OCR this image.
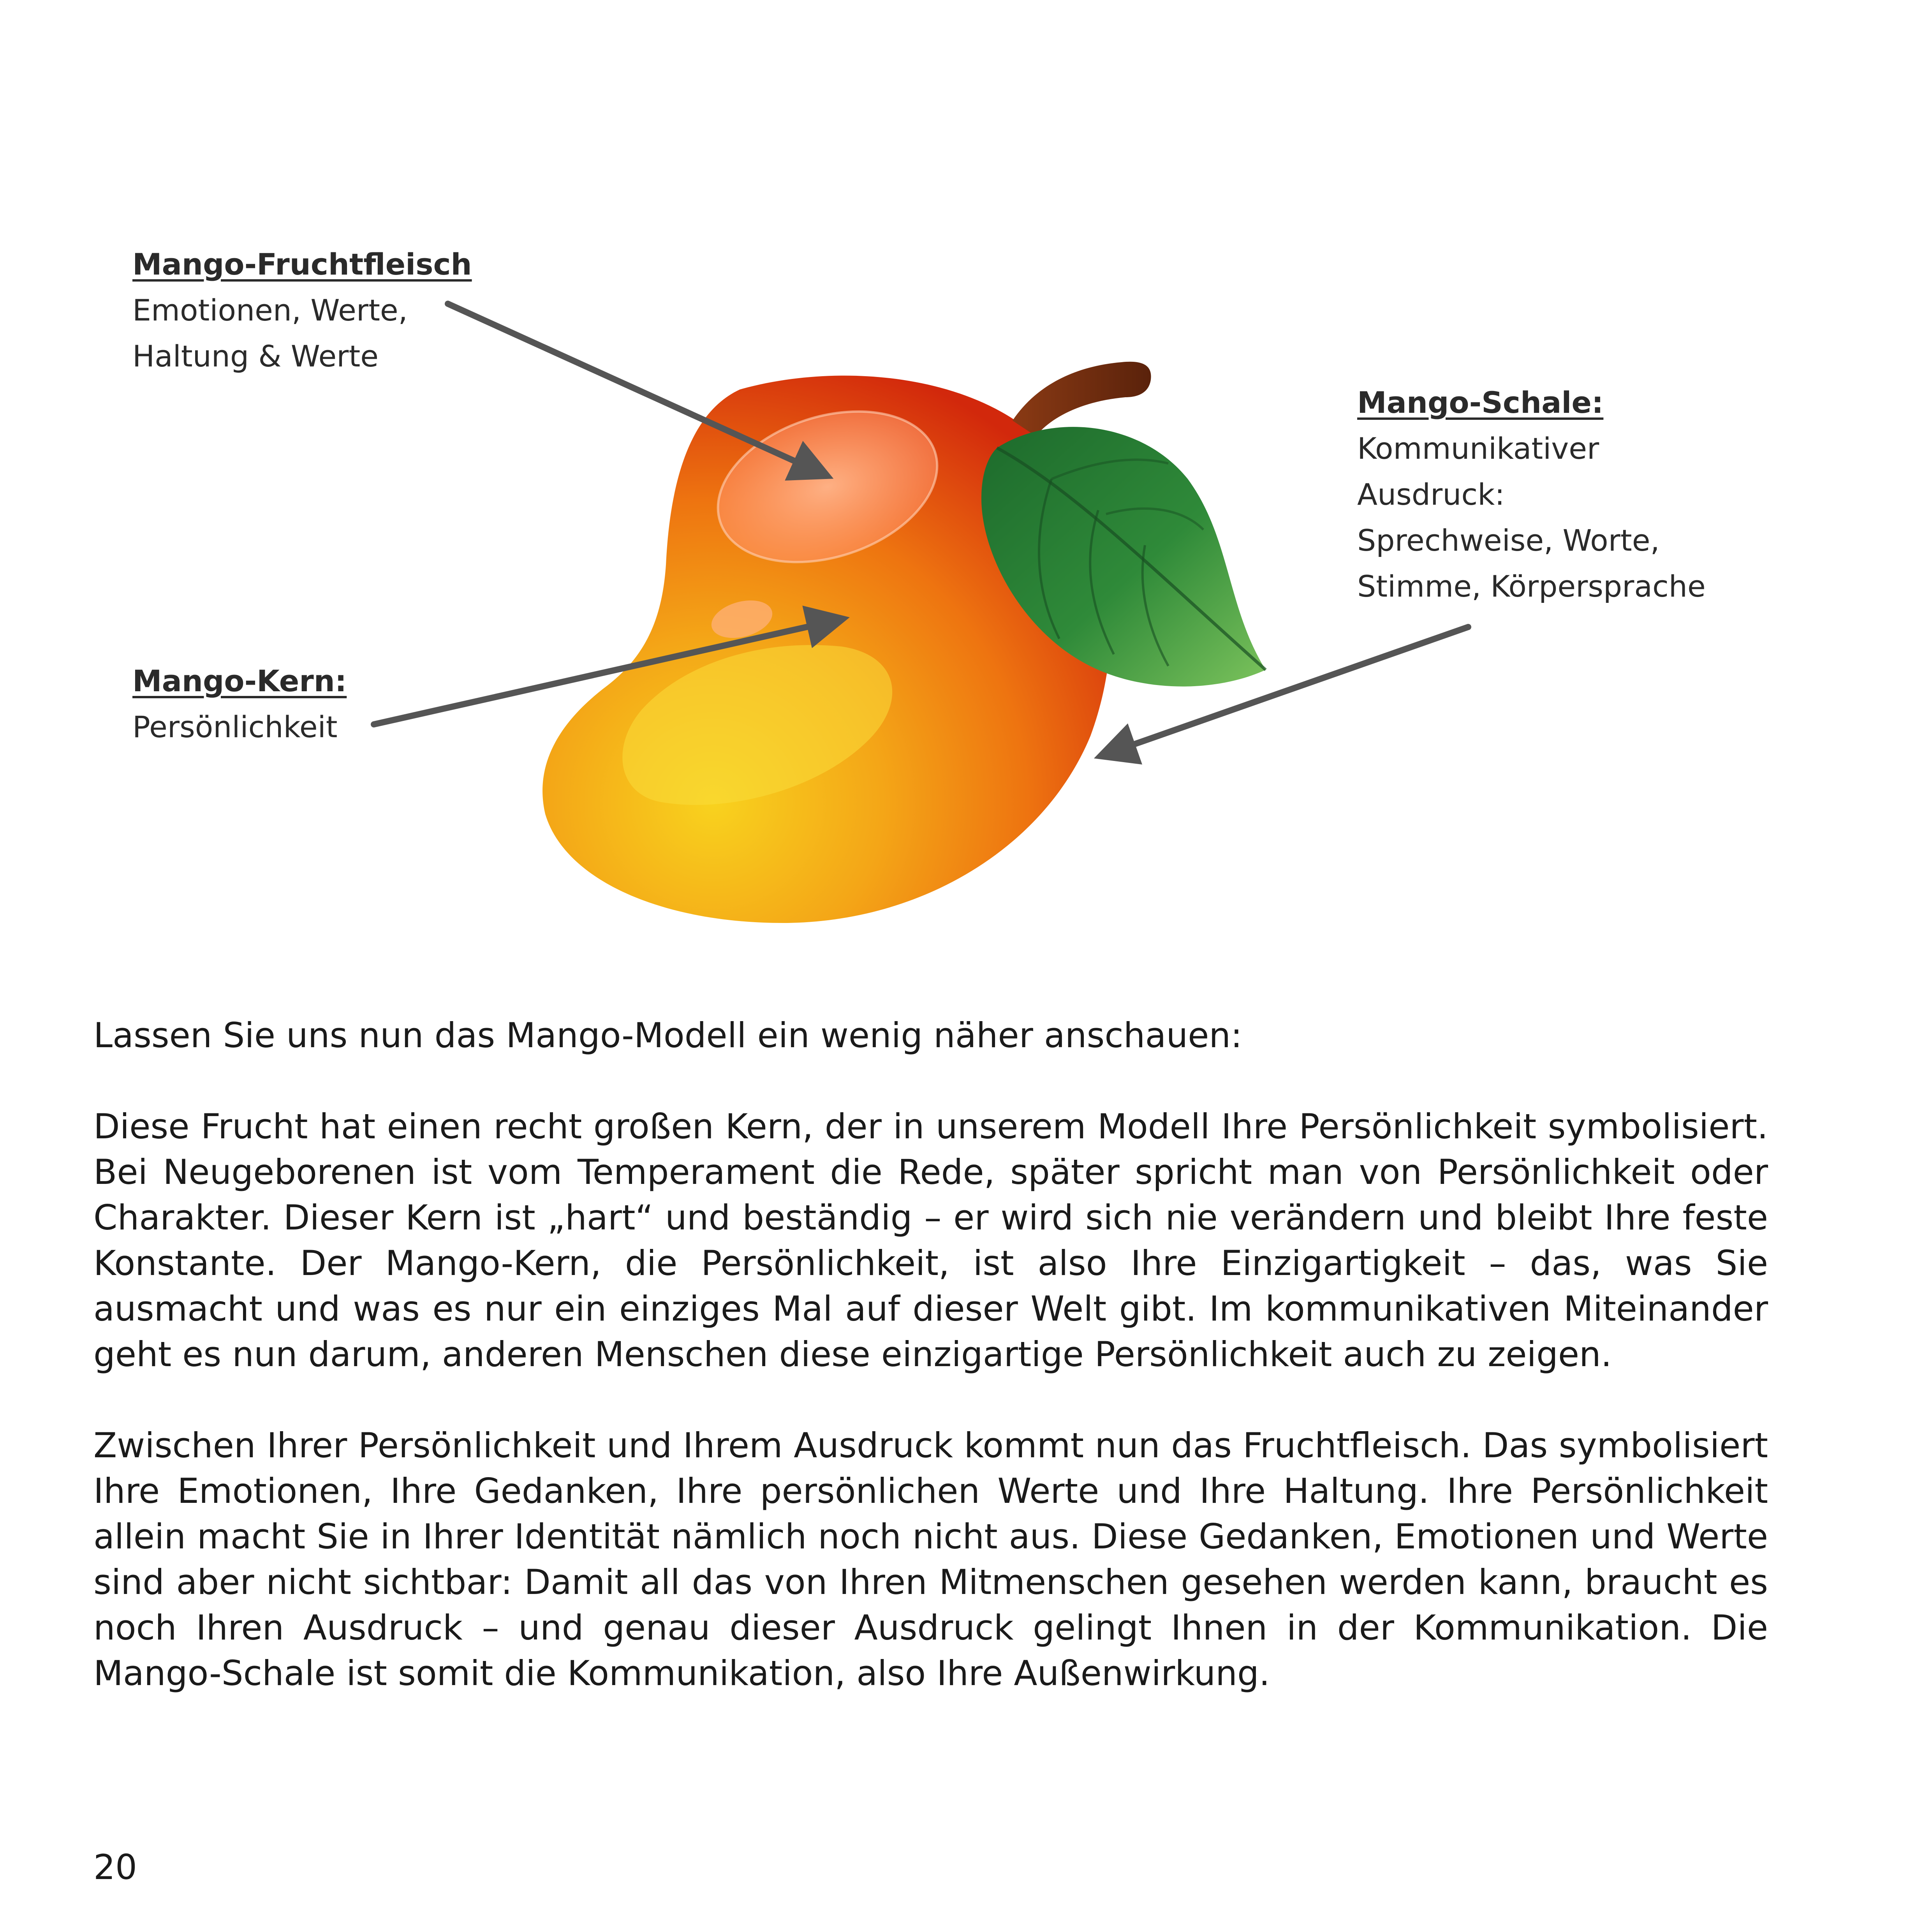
Mango-Fruchtfleisch
Emotionen, Werte,
Haltung & Werte
Mango-Kern:
Persönlichkeit
Mango-Schale:
Kommunikativer
Ausdruck:
Sprechweise, Worte,
Stimme, Körpersprache

Lassen Sie uns nun das Mango-Modell ein wenig näher anschauen:

Diese Frucht hat einen recht großen Kern, der in unserem Modell Ihre Persönlichkeit symbolisiert. Bei Neugeborenen ist vom Temperament die Rede, später spricht man von Persönlichkeit oder Charakter. Dieser Kern ist „hart“ und beständig – er wird sich nie verändern und bleibt Ihre feste Konstante. Der Mango-Kern, die Persönlichkeit, ist also Ihre Einzigartigkeit – das, was Sie ausmacht und was es nur ein einziges Mal auf dieser Welt gibt. Im kommunikativen Miteinander geht es nun darum, anderen Menschen diese einzigartige Persönlichkeit auch zu zeigen.

Zwischen Ihrer Persönlichkeit und Ihrem Ausdruck kommt nun das Fruchtfleisch. Das symbolisiert Ihre Emotionen, Ihre Gedanken, Ihre persönlichen Werte und Ihre Haltung. Ihre Persönlichkeit allein macht Sie in Ihrer Identität nämlich noch nicht aus. Diese Gedanken, Emotionen und Werte sind aber nicht sichtbar: Damit all das von Ihren Mitmenschen gesehen werden kann, braucht es noch Ihren Ausdruck – und genau dieser Ausdruck gelingt Ihnen in der Kommunikation. Die Mango-Schale ist somit die Kommunikation, also Ihre Außenwirkung.

20
